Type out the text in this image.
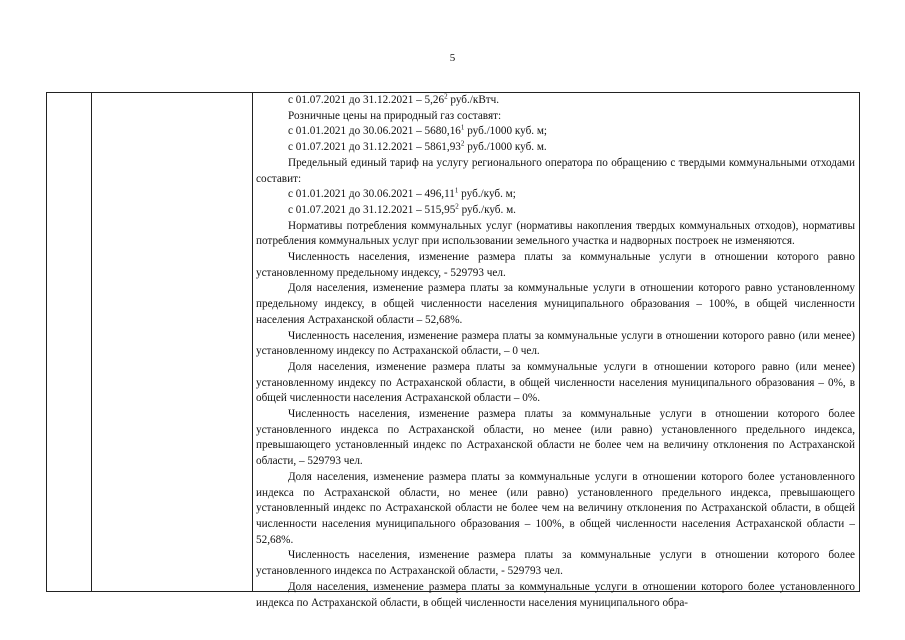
5

с 01.07.2021 до 31.12.2021 – 5,26$^2$ руб./кВтч.

Розничные цены на природный газ составят:

с 01.01.2021 до 30.06.2021 – 5680,16$^1$ руб./1000 куб. м;

с 01.07.2021 до 31.12.2021 – 5861,93$^2$ руб./1000 куб. м.

Предельный единый тариф на услугу регионального оператора по обращению с твердыми коммунальными отходами составит:

с 01.01.2021 до 30.06.2021 – 496,11$^1$ руб./куб. м;

с 01.07.2021 до 31.12.2021 – 515,95$^2$ руб./куб. м.

Нормативы потребления коммунальных услуг (нормативы накопления твердых коммунальных отходов), нормативы потребления коммунальных услуг при использовании земельного участка и надворных построек не изменяются.

Численность населения, изменение размера платы за коммунальные услуги в отношении которого равно установленному предельному индексу, - 529793 чел.

Доля населения, изменение размера платы за коммунальные услуги в отношении которого равно установленному предельному индексу, в общей численности населения муниципального образования – 100%, в общей численности населения Астраханской области – 52,68%.

Численность населения, изменение размера платы за коммунальные услуги в отношении которого равно (или менее) установленному индексу по Астраханской области, – 0 чел.

Доля населения, изменение размера платы за коммунальные услуги в отношении которого равно (или менее) установленному индексу по Астраханской области, в общей численности населения муниципального образования – 0%, в общей численности населения Астраханской области – 0%.

Численность населения, изменение размера платы за коммунальные услуги в отношении которого более установленного индекса по Астраханской области, но менее (или равно) установленного предельного индекса, превышающего установленный индекс по Астраханской области не более чем на величину отклонения по Астраханской области, – 529793 чел.

Доля населения, изменение размера платы за коммунальные услуги в отношении которого более установленного индекса по Астраханской области, но менее (или равно) установленного предельного индекса, превышающего установленный индекс по Астраханской области не более чем на величину отклонения по Астраханской области, в общей численности населения муниципального образования – 100%, в общей численности населения Астраханской области – 52,68%.

Численность населения, изменение размера платы за коммунальные услуги в отношении которого более установленного индекса по Астраханской области, - 529793 чел.

Доля населения, изменение размера платы за коммунальные услуги в отношении которого более установленного индекса по Астраханской области, в общей численности населения муниципального обра-
